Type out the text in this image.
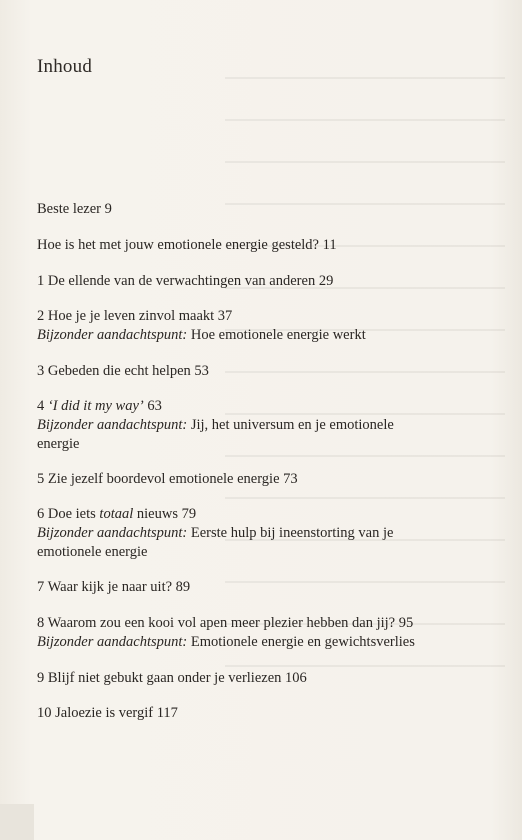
Inhoud
Beste lezer 9
Hoe is het met jouw emotionele energie gesteld? 11
1 De ellende van de verwachtingen van anderen 29
2 Hoe je je leven zinvol maakt 37
Bijzonder aandachtspunt: Hoe emotionele energie werkt
3 Gebeden die echt helpen 53
4 ‘I did it my way’ 63
Bijzonder aandachtspunt: Jij, het universum en je emotionele
energie
5 Zie jezelf boordevol emotionele energie 73
6 Doe iets totaal nieuws 79
Bijzonder aandachtspunt: Eerste hulp bij ineenstorting van je
emotionele energie
7 Waar kijk je naar uit? 89
8 Waarom zou een kooi vol apen meer plezier hebben dan jij? 95
Bijzonder aandachtspunt: Emotionele energie en gewichtsverlies
9 Blijf niet gebukt gaan onder je verliezen 106
10 Jaloezie is vergif 117
